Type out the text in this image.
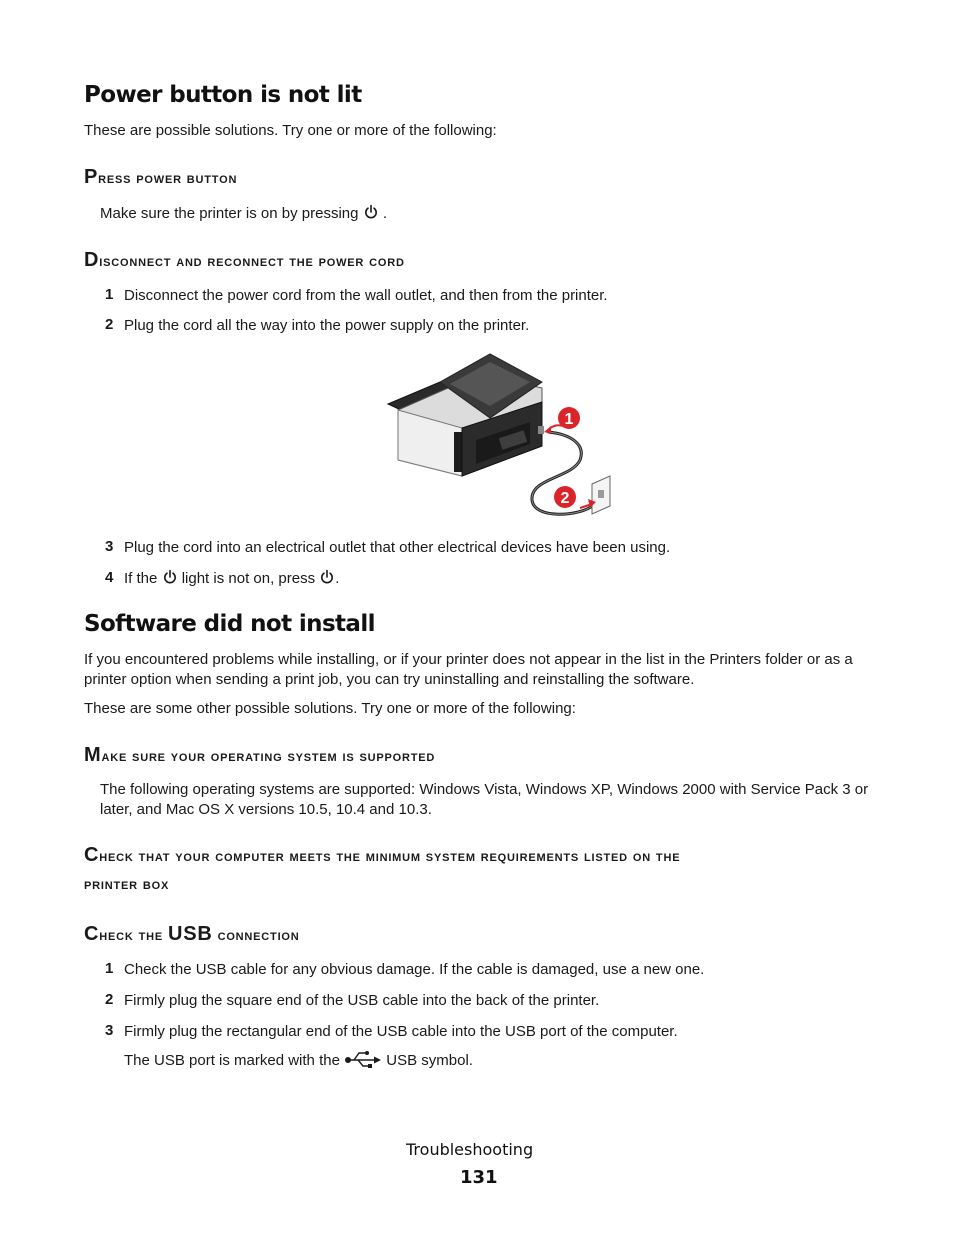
Power button is not lit
These are possible solutions. Try one or more of the following:
Press power button
Make sure the printer is on by pressing .
Disconnect and reconnect the power cord
1 Disconnect the power cord from the wall outlet, and then from the printer.
2 Plug the cord all the way into the power supply on the printer.
1
2
3 Plug the cord into an electrical outlet that other electrical devices have been using.
4 If the light is not on, press .
Software did not install
If you encountered problems while installing, or if your printer does not appear in the list in the Printers folder or as a printer option when sending a print job, you can try uninstalling and reinstalling the software.
These are some other possible solutions. Try one or more of the following:
Make sure your operating system is supported
The following operating systems are supported: Windows Vista, Windows XP, Windows 2000 with Service Pack 3 or later, and Mac OS X versions 10.5, 10.4 and 10.3.
Check that your computer meets the minimum system requirements listed on the
printer box
Check the USB connection
1 Check the USB cable for any obvious damage. If the cable is damaged, use a new one.
2 Firmly plug the square end of the USB cable into the back of the printer.
3 Firmly plug the rectangular end of the USB cable into the USB port of the computer.
The USB port is marked with the	USB symbol.
Troubleshooting
131
